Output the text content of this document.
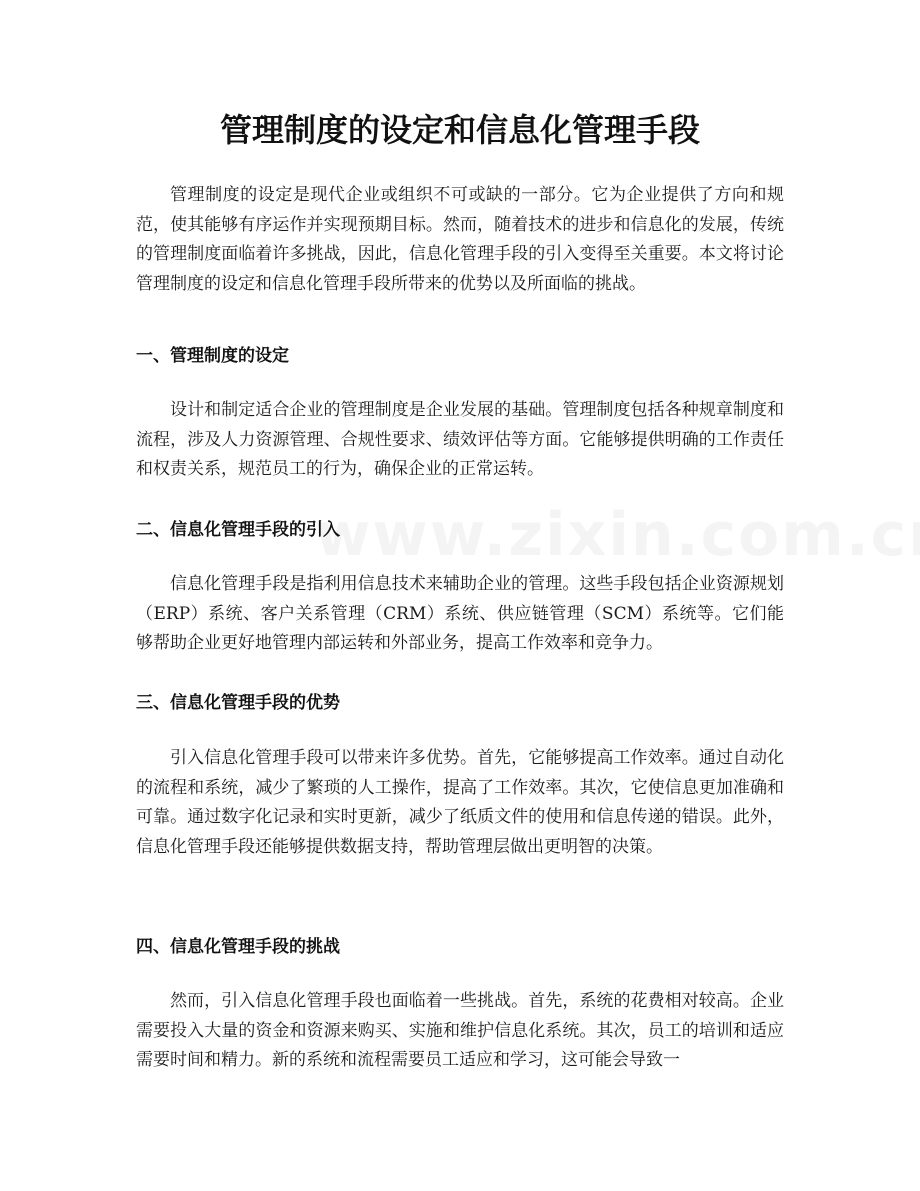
管理制度的设定和信息化管理手段

管理制度的设定是现代企业或组织不可或缺的一部分。它为企业提供了方向和规范，使其能够有序运作并实现预期目标。然而，随着技术的进步和信息化的发展，传统的管理制度面临着许多挑战，因此，信息化管理手段的引入变得至关重要。本文将讨论管理制度的设定和信息化管理手段所带来的优势以及所面临的挑战。

一、管理制度的设定

设计和制定适合企业的管理制度是企业发展的基础。管理制度包括各种规章制度和流程，涉及人力资源管理、合规性要求、绩效评估等方面。它能够提供明确的工作责任和权责关系，规范员工的行为，确保企业的正常运转。

二、信息化管理手段的引入

信息化管理手段是指利用信息技术来辅助企业的管理。这些手段包括企业资源规划（ERP）系统、客户关系管理（CRM）系统、供应链管理（SCM）系统等。它们能够帮助企业更好地管理内部运转和外部业务，提高工作效率和竞争力。

三、信息化管理手段的优势

引入信息化管理手段可以带来许多优势。首先，它能够提高工作效率。通过自动化的流程和系统，减少了繁琐的人工操作，提高了工作效率。其次，它使信息更加准确和可靠。通过数字化记录和实时更新，减少了纸质文件的使用和信息传递的错误。此外，信息化管理手段还能够提供数据支持，帮助管理层做出更明智的决策。

四、信息化管理手段的挑战

然而，引入信息化管理手段也面临着一些挑战。首先，系统的花费相对较高。企业需要投入大量的资金和资源来购买、实施和维护信息化系统。其次，员工的培训和适应需要时间和精力。新的系统和流程需要员工适应和学习，这可能会导致一
